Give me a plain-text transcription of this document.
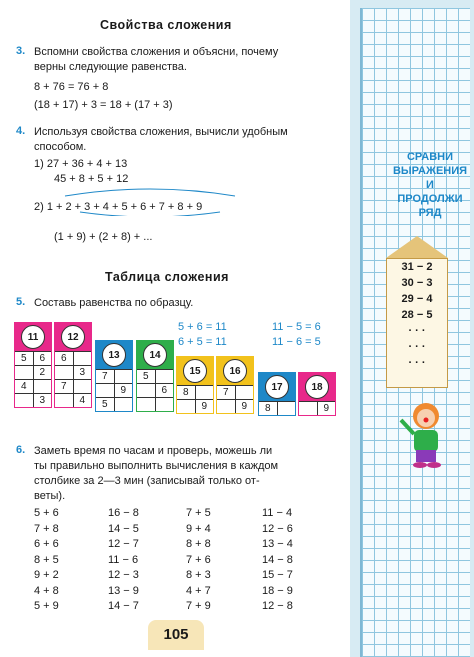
Свойства сложения
3. Вспомни свойства сложения и объясни, почему
верны следующие равенства.
8 + 76 = 76 + 8
(18 + 17) + 3 = 18 + (17 + 3)
4. Используя свойства сложения, вычисли удобным
способом.
1) 27 + 36 + 4 + 13
45 + 8 + 5 + 12
2) 1 + 2 + 3 + 4 + 5 + 6 + 7 + 8 + 9
(1 + 9) + (2 + 8) + ...
Таблица сложения
5. Составь равенства по образцу.
5 + 6 = 11
6 + 5 = 11
11 − 5 = 6
11 − 6 = 5
11
5	6
2
4
3
12
6
3
7
4
13
7
9
5
14
5
6
15
8
9
16
7
9
17
8
18
9
6. Заметь время по часам и проверь, можешь ли
ты правильно выполнить вычисления в каждом
столбике за 2—3 мин (записывай только от-
веты).
5 + 6
7 + 8
6 + 6
8 + 5
9 + 2
4 + 8
5 + 9
16 − 8
14 − 5
12 − 7
11 − 6
12 − 3
13 − 9
14 − 7
7 + 5
9 + 4
8 + 8
7 + 6
8 + 3
4 + 7
7 + 9
11 − 4
12 − 6
13 − 4
14 − 8
15 − 7
18 − 9
12 − 8
105
СРАВНИ
ВЫРАЖЕНИЯ
И
ПРОДОЛЖИ
РЯД
31 − 2
30 − 3
29 − 4
28 − 5
· · ·
· · ·
· · ·
